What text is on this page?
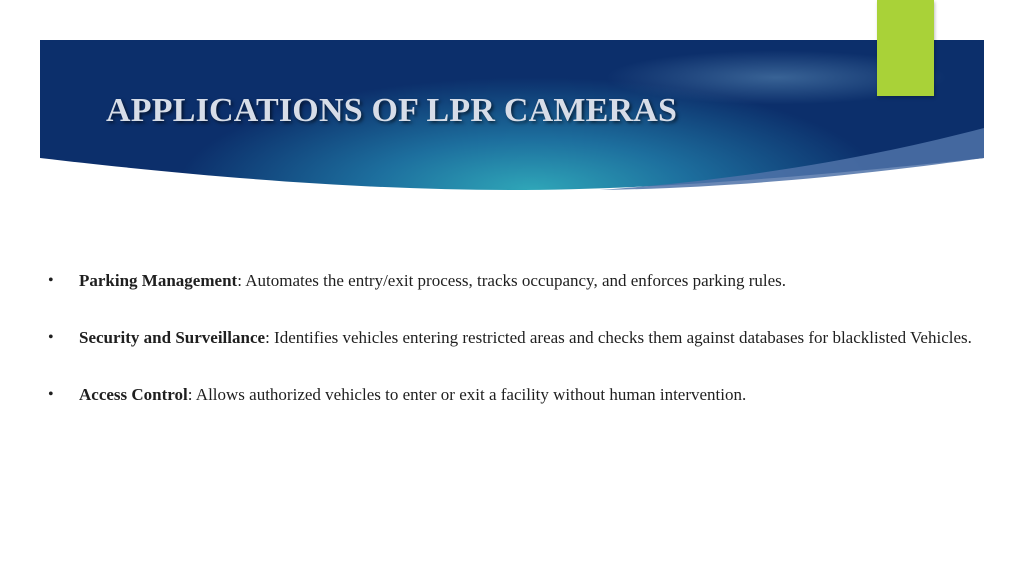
APPLICATIONS OF LPR CAMERAS
• Parking Management: Automates the entry/exit process, tracks occupancy, and enforces parking rules.
• Security and Surveillance: Identifies vehicles entering restricted areas and checks them against databases for blacklisted Vehicles.
• Access Control: Allows authorized vehicles to enter or exit a facility without human intervention.
